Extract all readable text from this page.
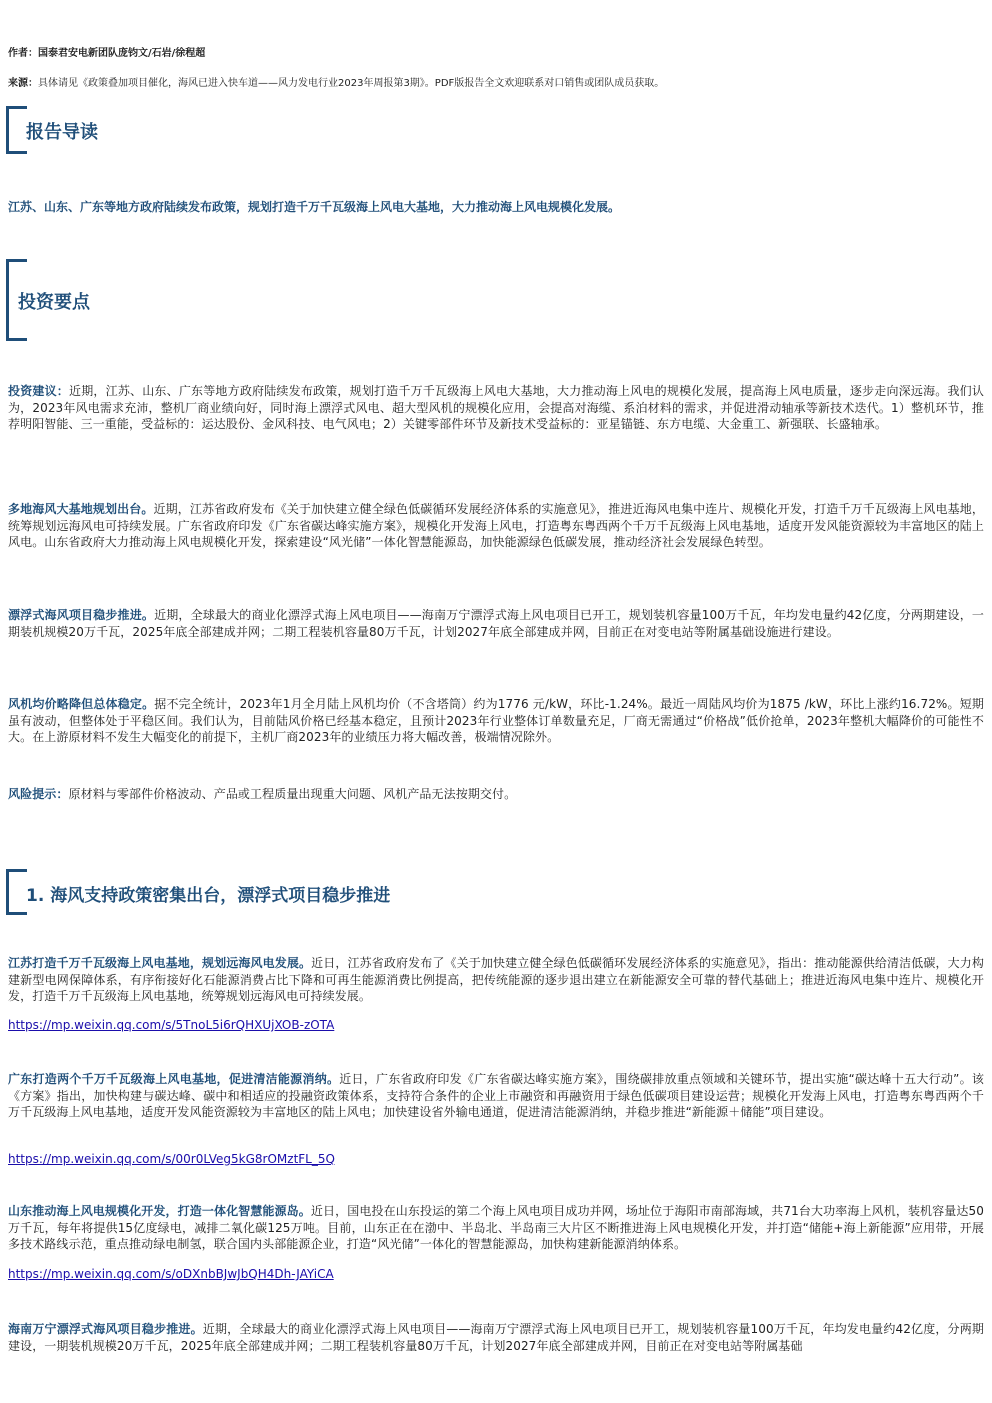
作者：国泰君安电新团队庞钧文/石岩/徐程超
来源：具体请见《政策叠加项目催化，海风已进入快车道——风力发电行业2023年周报第3期》。PDF版报告全文欢迎联系对口销售或团队成员获取。
报告导读
江苏、山东、广东等地方政府陆续发布政策，规划打造千万千瓦级海上风电大基地，大力推动海上风电规模化发展。
投资要点
投资建议：近期，江苏、山东、广东等地方政府陆续发布政策，规划打造千万千瓦级海上风电大基地，大力推动海上风电的规模化发展，提高海上风电质量，逐步走向深远海。我们认为，2023年风电需求充沛，整机厂商业绩向好，同时海上漂浮式风电、超大型风机的规模化应用，会提高对海缆、系泊材料的需求，并促进滑动轴承等新技术迭代。1）整机环节，推荐明阳智能、三一重能，受益标的：运达股份、金风科技、电气风电；2）关键零部件环节及新技术受益标的：亚星锚链、东方电缆、大金重工、新强联、长盛轴承。
多地海风大基地规划出台。近期，江苏省政府发布《关于加快建立健全绿色低碳循环发展经济体系的实施意见》，推进近海风电集中连片、规模化开发，打造千万千瓦级海上风电基地，统筹规划远海风电可持续发展。广东省政府印发《广东省碳达峰实施方案》，规模化开发海上风电，打造粤东粤西两个千万千瓦级海上风电基地，适度开发风能资源较为丰富地区的陆上风电。山东省政府大力推动海上风电规模化开发，探索建设“风光储”一体化智慧能源岛，加快能源绿色低碳发展，推动经济社会发展绿色转型。
漂浮式海风项目稳步推进。近期，全球最大的商业化漂浮式海上风电项目——海南万宁漂浮式海上风电项目已开工，规划装机容量100万千瓦，年均发电量约42亿度，分两期建设，一期装机规模20万千瓦，2025年底全部建成并网；二期工程装机容量80万千瓦，计划2027年底全部建成并网，目前正在对变电站等附属基础设施进行建设。
风机均价略降但总体稳定。据不完全统计，2023年1月全月陆上风机均价（不含塔筒）约为1776 元/kW，环比-1.24%。最近一周陆风均价为1875 /kW，环比上涨约16.72%。短期虽有波动，但整体处于平稳区间。我们认为，目前陆风价格已经基本稳定，且预计2023年行业整体订单数量充足，厂商无需通过“价格战”低价抢单，2023年整机大幅降价的可能性不大。在上游原材料不发生大幅变化的前提下，主机厂商2023年的业绩压力将大幅改善，极端情况除外。
风险提示：原材料与零部件价格波动、产品或工程质量出现重大问题、风机产品无法按期交付。
1. 海风支持政策密集出台，漂浮式项目稳步推进
江苏打造千万千瓦级海上风电基地，规划远海风电发展。近日，江苏省政府发布了《关于加快建立健全绿色低碳循环发展经济体系的实施意见》，指出：推动能源供给清洁低碳，大力构建新型电网保障体系，有序衔接好化石能源消费占比下降和可再生能源消费比例提高，把传统能源的逐步退出建立在新能源安全可靠的替代基础上；推进近海风电集中连片、规模化开发，打造千万千瓦级海上风电基地，统筹规划远海风电可持续发展。
https://mp.weixin.qq.com/s/5TnoL5i6rQHXUjXOB-zOTA
广东打造两个千万千瓦级海上风电基地，促进清洁能源消纳。近日，广东省政府印发《广东省碳达峰实施方案》，围绕碳排放重点领域和关键环节，提出实施“碳达峰十五大行动”。该《方案》指出，加快构建与碳达峰、碳中和相适应的投融资政策体系，支持符合条件的企业上市融资和再融资用于绿色低碳项目建设运营；规模化开发海上风电，打造粤东粤西两个千万千瓦级海上风电基地，适度开发风能资源较为丰富地区的陆上风电；加快建设省外输电通道，促进清洁能源消纳，并稳步推进“新能源＋储能”项目建设。
https://mp.weixin.qq.com/s/00r0LVeg5kG8rOMztFL_5Q
山东推动海上风电规模化开发，打造一体化智慧能源岛。近日，国电投在山东投运的第二个海上风电项目成功并网，场址位于海阳市南部海域，共71台大功率海上风机，装机容量达50万千瓦，每年将提供15亿度绿电，减排二氧化碳125万吨。目前，山东正在在渤中、半岛北、半岛南三大片区不断推进海上风电规模化开发，并打造“储能+海上新能源”应用带，开展多技术路线示范，重点推动绿电制氢，联合国内头部能源企业，打造“风光储”一体化的智慧能源岛，加快构建新能源消纳体系。
https://mp.weixin.qq.com/s/oDXnbBJwJbQH4Dh-JAYiCA
海南万宁漂浮式海风项目稳步推进。近期，全球最大的商业化漂浮式海上风电项目——海南万宁漂浮式海上风电项目已开工，规划装机容量100万千瓦，年均发电量约42亿度，分两期建设，一期装机规模20万千瓦，2025年底全部建成并网；二期工程装机容量80万千瓦，计划2027年底全部建成并网，目前正在对变电站等附属基础
